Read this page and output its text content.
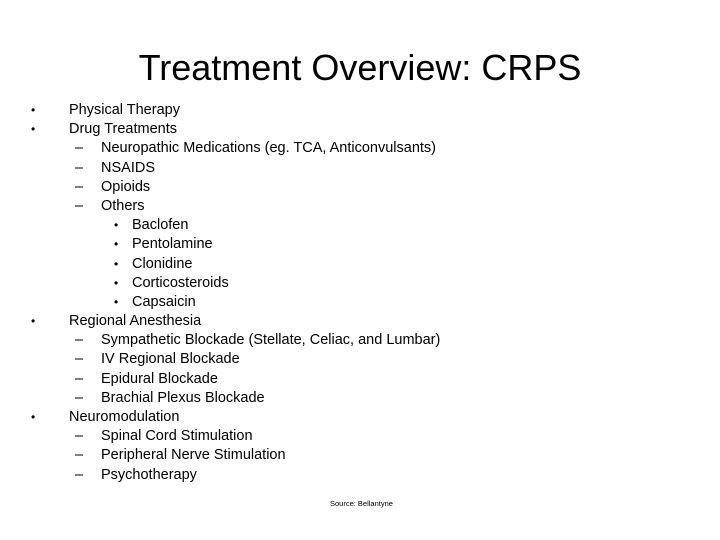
Treatment Overview: CRPS
• Physical Therapy
• Drug Treatments
– Neuropathic Medications (eg. TCA, Anticonvulsants)
– NSAIDS
– Opioids
– Others
• Baclofen
• Pentolamine
• Clonidine
• Corticosteroids
• Capsaicin
• Regional Anesthesia
– Sympathetic Blockade (Stellate, Celiac, and Lumbar)
– IV Regional Blockade
– Epidural Blockade
– Brachial Plexus Blockade
• Neuromodulation
– Spinal Cord Stimulation
– Peripheral Nerve Stimulation
– Psychotherapy
Source: Bellantyne
